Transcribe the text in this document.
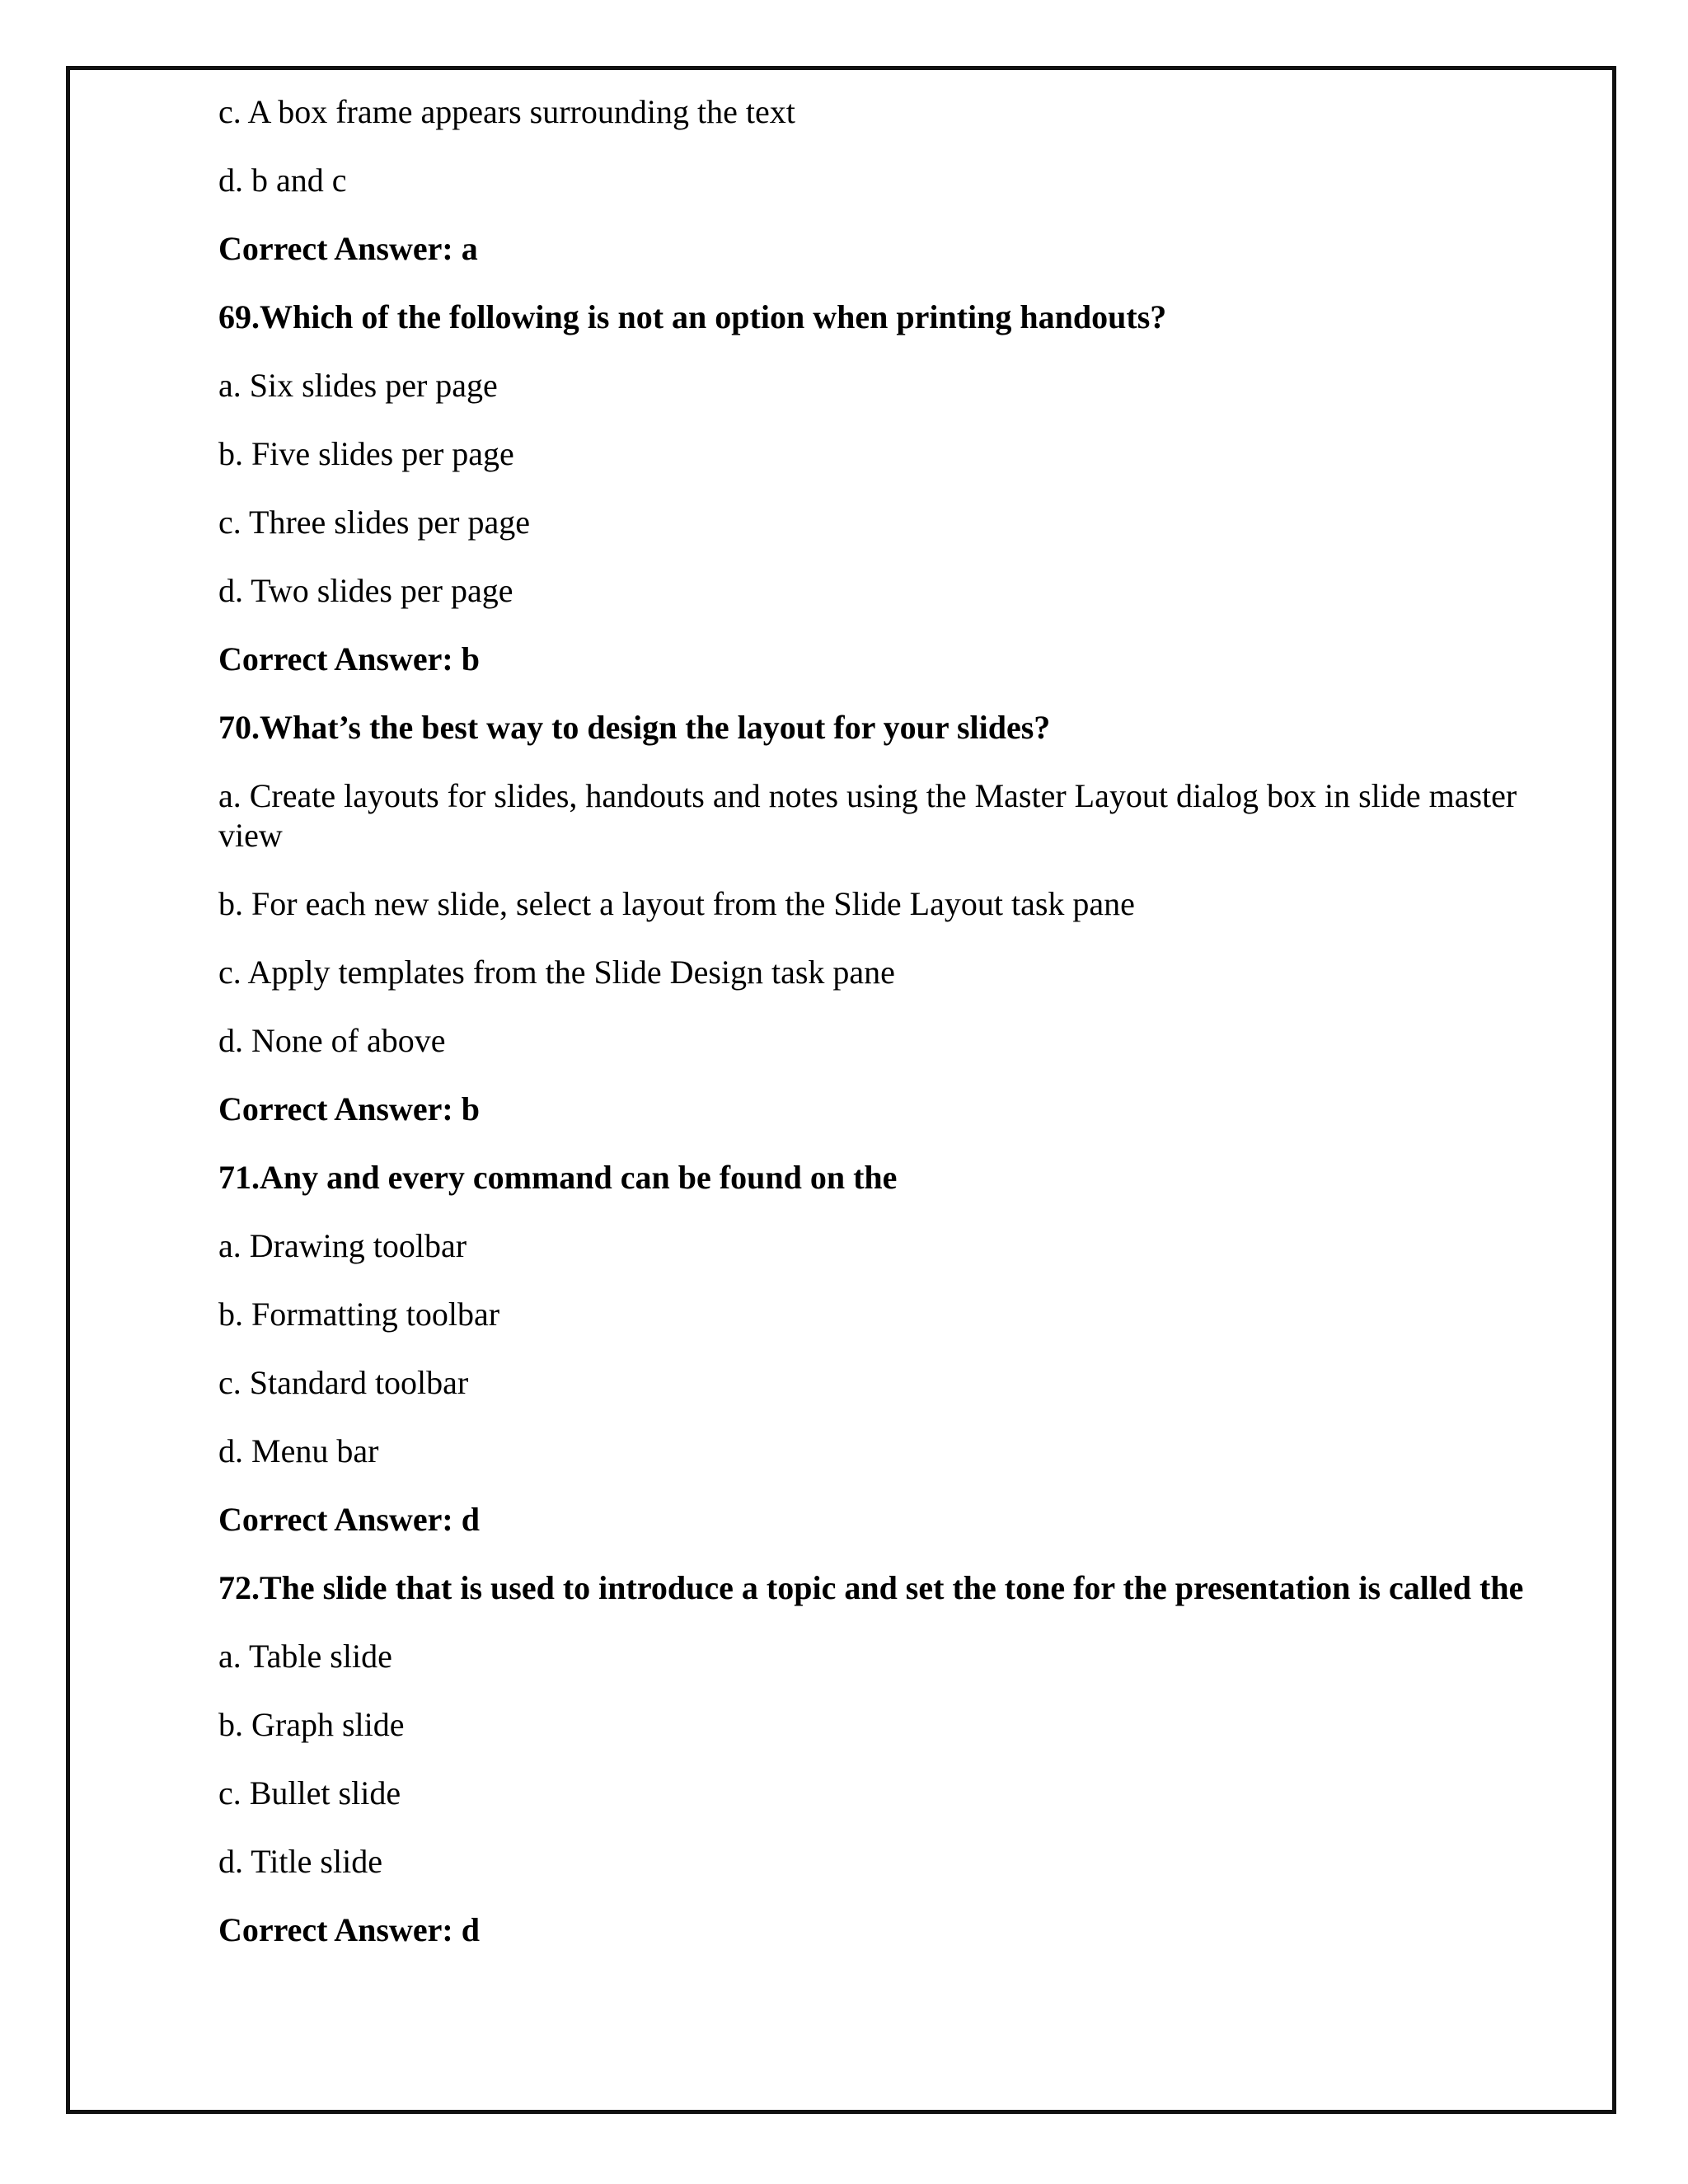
c. A box frame appears surrounding the text
d. b and c
Correct Answer: a
69.Which of the following is not an option when printing handouts?
a. Six slides per page
b. Five slides per page
c. Three slides per page
d. Two slides per page
Correct Answer: b
70.What’s the best way to design the layout for your slides?
a. Create layouts for slides, handouts and notes using the Master Layout dialog box in slide master view
b. For each new slide, select a layout from the Slide Layout task pane
c. Apply templates from the Slide Design task pane
d. None of above
Correct Answer: b
71.Any and every command can be found on the
a. Drawing toolbar
b. Formatting toolbar
c. Standard toolbar
d. Menu bar
Correct Answer: d
72.The slide that is used to introduce a topic and set the tone for the presentation is called the
a. Table slide
b. Graph slide
c. Bullet slide
d. Title slide
Correct Answer: d
